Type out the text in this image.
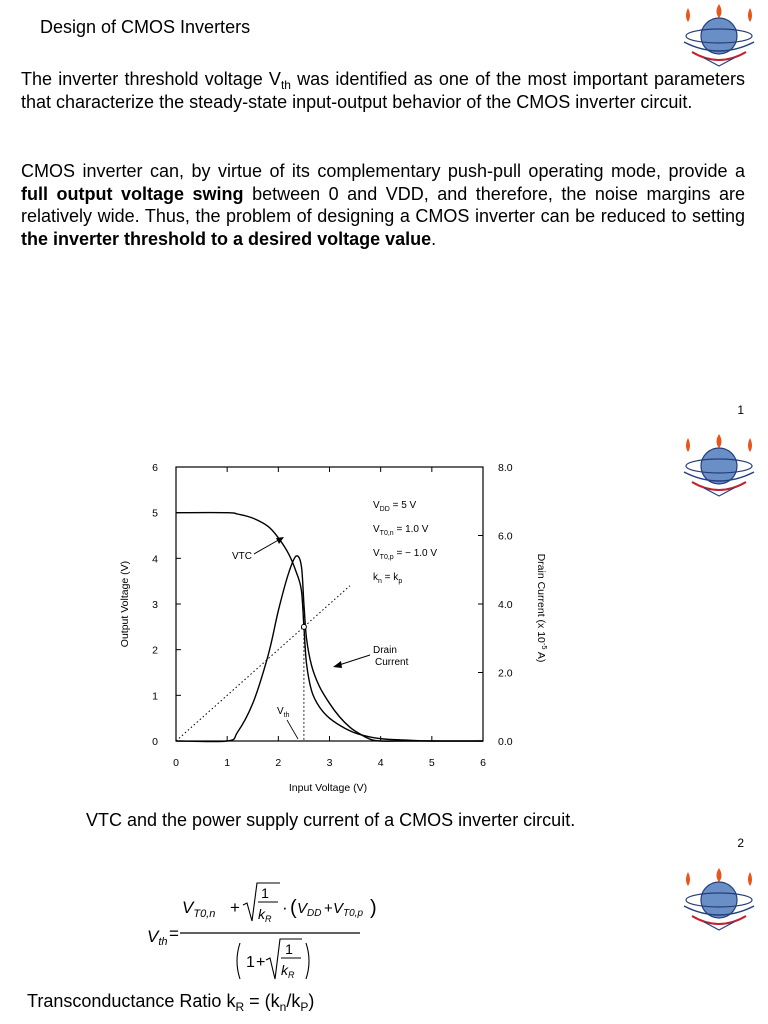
Design of CMOS Inverters
The inverter threshold voltage $V_{th}$ was identified as one of the most important parameters that characterize the steady-state input-output behavior of the CMOS inverter circuit.
CMOS inverter can, by virtue of its complementary push-pull operating mode, provide a full output voltage swing between 0 and VDD, and therefore, the noise margins are relatively wide. Thus, the problem of designing a CMOS inverter can be reduced to setting the inverter threshold to a desired voltage value.
1
0	1	2	3	4	5	6
0
1
2
3
4
5
6
0.0
2.0
4.0
6.0
8.0
Output Voltage (V)	Drain Current (x $10^{-5}$ A)
Input Voltage (V)
$V_{DD} = 5$ V
$V_{T0,n} = 1.0$ V
$V_{T0,p}$ = − 1.0 V
$k_n = k_p$
VTC
Drain
Current
$V_{th}$
VTC and the power supply current of a CMOS inverter circuit.
2
Vth =
$V_{T0,n}$ +
1
$k_R$
· ( $V_{DD} + V_{T0,p}$ )
1 +
1
$k_R$
Transconductance Ratio $k_R = (k_n/k_P)$
